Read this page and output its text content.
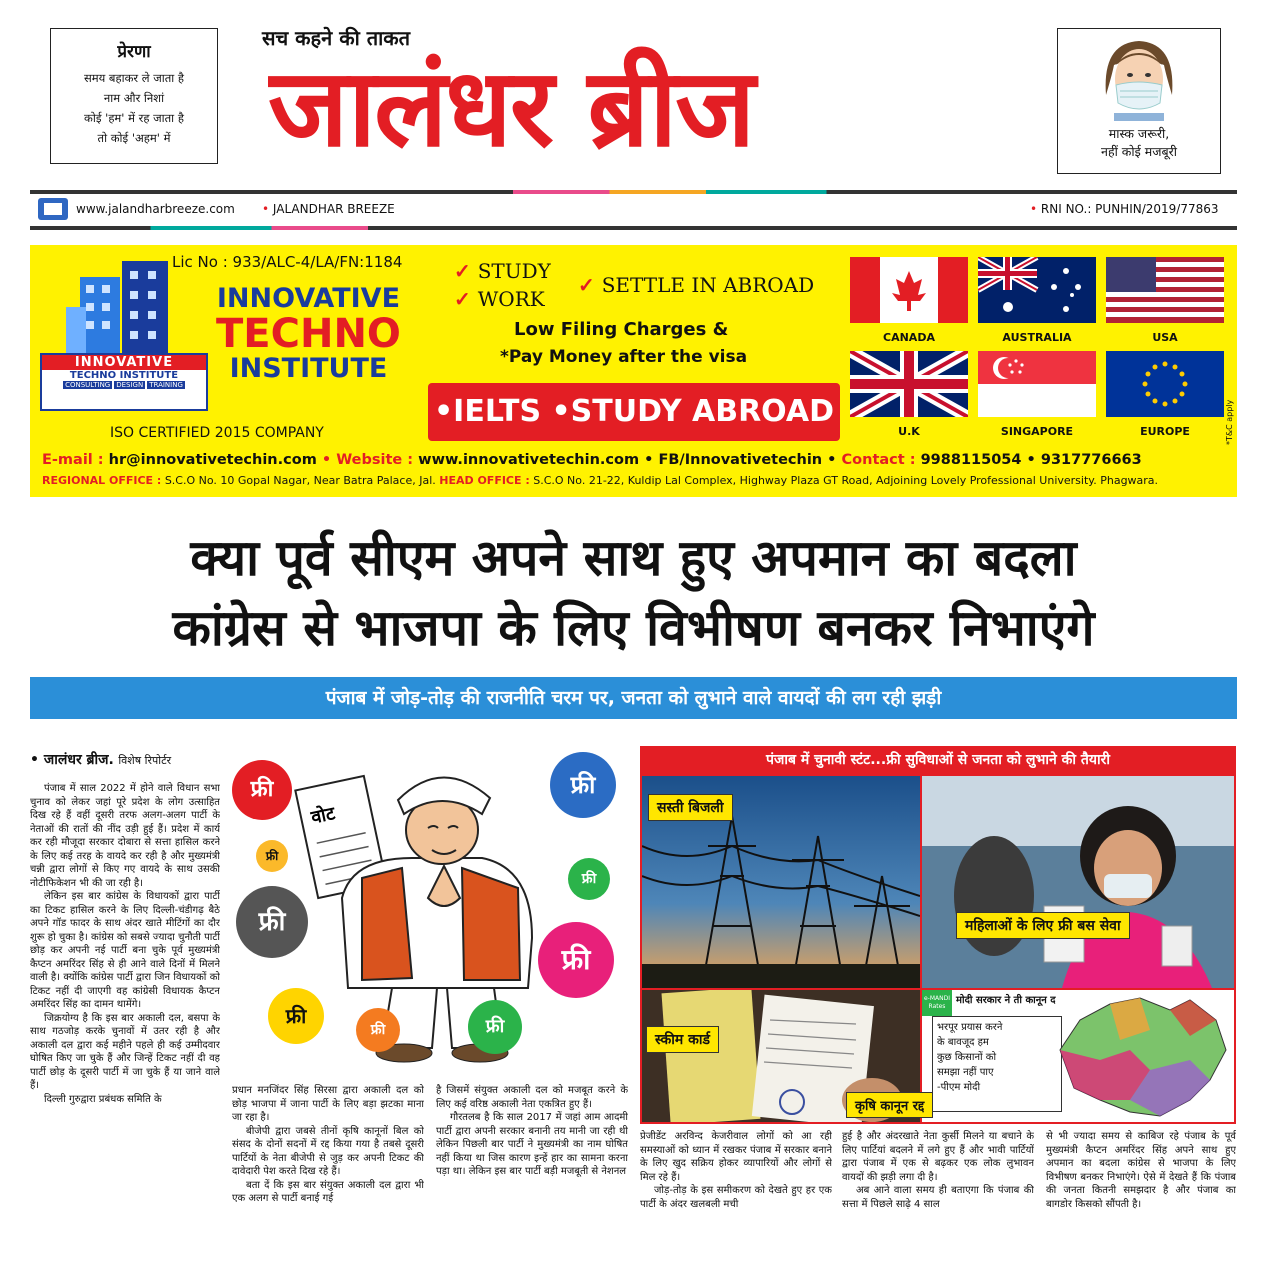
प्रेरणा
समय बहाकर ले जाता है
नाम और निशां
कोई 'हम' में रह जाता है
तो कोई 'अहम' में
सच कहने की ताकत
जालंधर ब्रीज	मास्क जरूरी,
नहीं कोई मजबूरी
www.jalandharbreeze.com • JALANDHAR BREEZE	• RNI NO.: PUNHIN/2019/77863
Lic No : 933/ALC-4/LA/FN:1184
INNOVATIVE
TECHNO INSTITUTE
CONSULTING DESIGN TRAINING
INNOVATIVE
TECHNO
INSTITUTE
ISO CERTIFIED 2015 COMPANY
✓ STUDY
✓ WORK
✓ SETTLE IN ABROAD
Low Filing Charges &
*Pay Money after the visa
•IELTS •STUDY ABROAD
CANADA	AUSTRALIA	USA
U.K	SINGAPORE	EUROPE
E-mail : hr@innovativetechin.com • Website : www.innovativetechin.com • FB/Innovativetechin • Contact : 9988115054 • 9317776663
REGIONAL OFFICE : S.C.O No. 10 Gopal Nagar, Near Batra Palace, Jal. HEAD OFFICE : S.C.O No. 21-22, Kuldip Lal Complex, Highway Plaza GT Road, Adjoining Lovely Professional University. Phagwara.
*T&C apply
क्या पूर्व सीएम अपने साथ हुए अपमान का बदला
कांग्रेस से भाजपा के लिए विभीषण बनकर निभाएंगे
पंजाब में जोड़-तोड़ की राजनीति चरम पर, जनता को लुभाने वाले वायदों की लग रही झड़ी
• जालंधर ब्रीज. विशेष रिपोर्टर

पंजाब में साल 2022 में होने वाले विधान सभा चुनाव को लेकर जहां पूरे प्रदेश के लोग उत्साहित दिख रहे हैं वहीं दूसरी तरफ अलग-अलग पार्टी के नेताओं की रातों की नींद उड़ी हुई हैं। प्रदेश में कार्य कर रही मौजूदा सरकार दोबारा से सत्ता हासिल करने के लिए कई तरह के वायदे कर रही है और मुख्यमंत्री चन्नी द्वारा लोगों से किए गए वायदे के साथ उसकी नोटीफिकेशन भी की जा रही है।

लेकिन इस बार कांग्रेस के विधायकों द्वारा पार्टी का टिकट हासिल करने के लिए दिल्ली-चंडीगढ़ बैठे अपने गॉड फादर के साथ अंदर खाते मीटिंगों का दौर शुरू हो चुका है। कांग्रेस को सबसे ज्यादा चुनौती पार्टी छोड़ कर अपनी नई पार्टी बना चुके पूर्व मुख्यमंत्री कैप्टन अमरिंदर सिंह से ही आने वाले दिनों में मिलने वाली है। क्योंकि कांग्रेस पार्टी द्वारा जिन विधायकों को टिकट नहीं दी जाएगी वह कांग्रेसी विधायक कैप्टन अमरिंदर सिंह का दामन थामेंगे।

जिक्रयोग्य है कि इस बार अकाली दल, बसपा के साथ गठजोड़ करके चुनावों में उतर रही है और अकाली दल द्वारा कई महीने पहले ही कई उम्मीदवार घोषित किए जा चुके हैं और जिन्हें टिकट नहीं दी वह पार्टी छोड़ के दूसरी पार्टी में जा चुके हैं या जाने वाले हैं।

दिल्ली गुरुद्वारा प्रबंधक समिति के

वोट
फ्री
फ्री
फ्री
फ्री
फ्री	फ्री
फ्री
फ्री
फ्री
पंजाब में चुनावी स्टंट...फ्री सुविधाओं से जनता को लुभाने की तैयारी
सस्ती बिजली
महिलाओं के लिए फ्री बस सेवा
स्कीम कार्ड
e-MANDI Rates
मोदी सरकार ने ती कानून द
भरपूर प्रयास करने
के बावजूद हम
कुछ किसानों को
समझा नहीं पाए
-पीएम मोदी
कृषि कानून रद्द

प्रधान मनजिंदर सिंह सिरसा द्वारा अकाली दल को छोड़ भाजपा में जाना पार्टी के लिए बड़ा झटका माना जा रहा है।

बीजेपी द्वारा जबसे तीनों कृषि कानूनों बिल को संसद के दोनों सदनों में रद्द किया गया है तबसे दूसरी पार्टियों के नेता बीजेपी से जुड़ कर अपनी टिकट की दावेदारी पेश करते दिख रहे हैं।

बता दें कि इस बार संयुक्त अकाली दल द्वारा भी एक अलग से पार्टी बनाई गई

है जिसमें संयुक्त अकाली दल को मजबूत करने के लिए कई वरिष्ठ अकाली नेता एकत्रित हुए हैं।

गौरतलब है कि साल 2017 में जहां आम आदमी पार्टी द्वारा अपनी सरकार बनानी तय मानी जा रही थी लेकिन पिछली बार पार्टी ने मुख्यमंत्री का नाम घोषित नहीं किया था जिस कारण इन्हें हार का सामना करना पड़ा था। लेकिन इस बार पार्टी बड़ी मजबूती से नेशनल

प्रेजीडेंट अरविन्द केजरीवाल लोगों को आ रही समस्याओं को ध्यान में रखकर पंजाब में सरकार बनाने के लिए खुद सक्रिय होकर व्यापारियों और लोगों से मिल रहे हैं।

जोड़-तोड़ के इस समीकरण को देखते हुए हर एक पार्टी के अंदर खलबली मची

हुई है और अंदरखाते नेता कुर्सी मिलने या बचाने के लिए पार्टियां बदलने में लगे हुए हैं और भावी पार्टियों द्वारा पंजाब में एक से बढ़कर एक लोक लुभावन वायदों की झड़ी लगा दी है।

अब आने वाला समय ही बताएगा कि पंजाब की सत्ता में पिछले साढ़े 4 साल

से भी ज्यादा समय से काबिज रहे पंजाब के पूर्व मुख्यमंत्री कैप्टन अमरिंदर सिंह अपने साथ हुए अपमान का बदला कांग्रेस से भाजपा के लिए विभीषण बनकर निभाएंगे। ऐसे में देखते हैं कि पंजाब की जनता कितनी समझदार है और पंजाब का बागडोर किसको सौंपती है।
